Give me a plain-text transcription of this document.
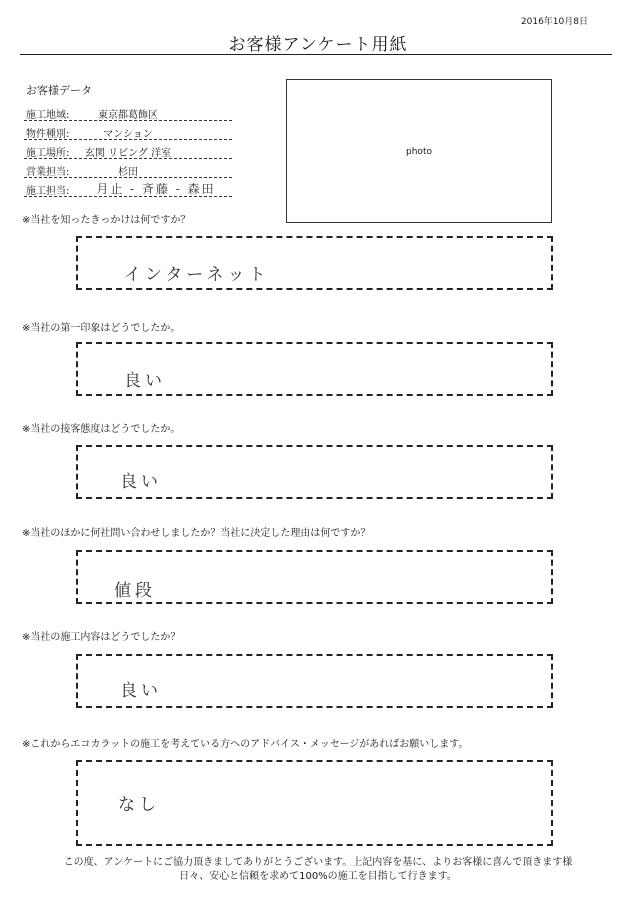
2016年10月8日
お客様アンケート用紙
お客様データ
施工地域:	東京都葛飾区
物件種別:	マンション
施工場所:	玄関 リビング 洋室
営業担当:	杉田
施工担当:	月止 - 斉藤 - 森田
photo
※当社を知ったきっかけは何ですか？
インターネット
※当社の第一印象はどうでしたか。
良い
※当社の接客態度はどうでしたか。
良い
※当社のほかに何社問い合わせしましたか？当社に決定した理由は何ですか？
値段
※当社の施工内容はどうでしたか？
良い
※これからエコカラットの施工を考えている方へのアドバイス・メッセージがあればお願いします。
なし
この度、アンケートにご協力頂きましてありがとうございます。上記内容を基に、よりお客様に喜んで頂きます様
日々、安心と信頼を求めて100%の施工を目指して行きます。
